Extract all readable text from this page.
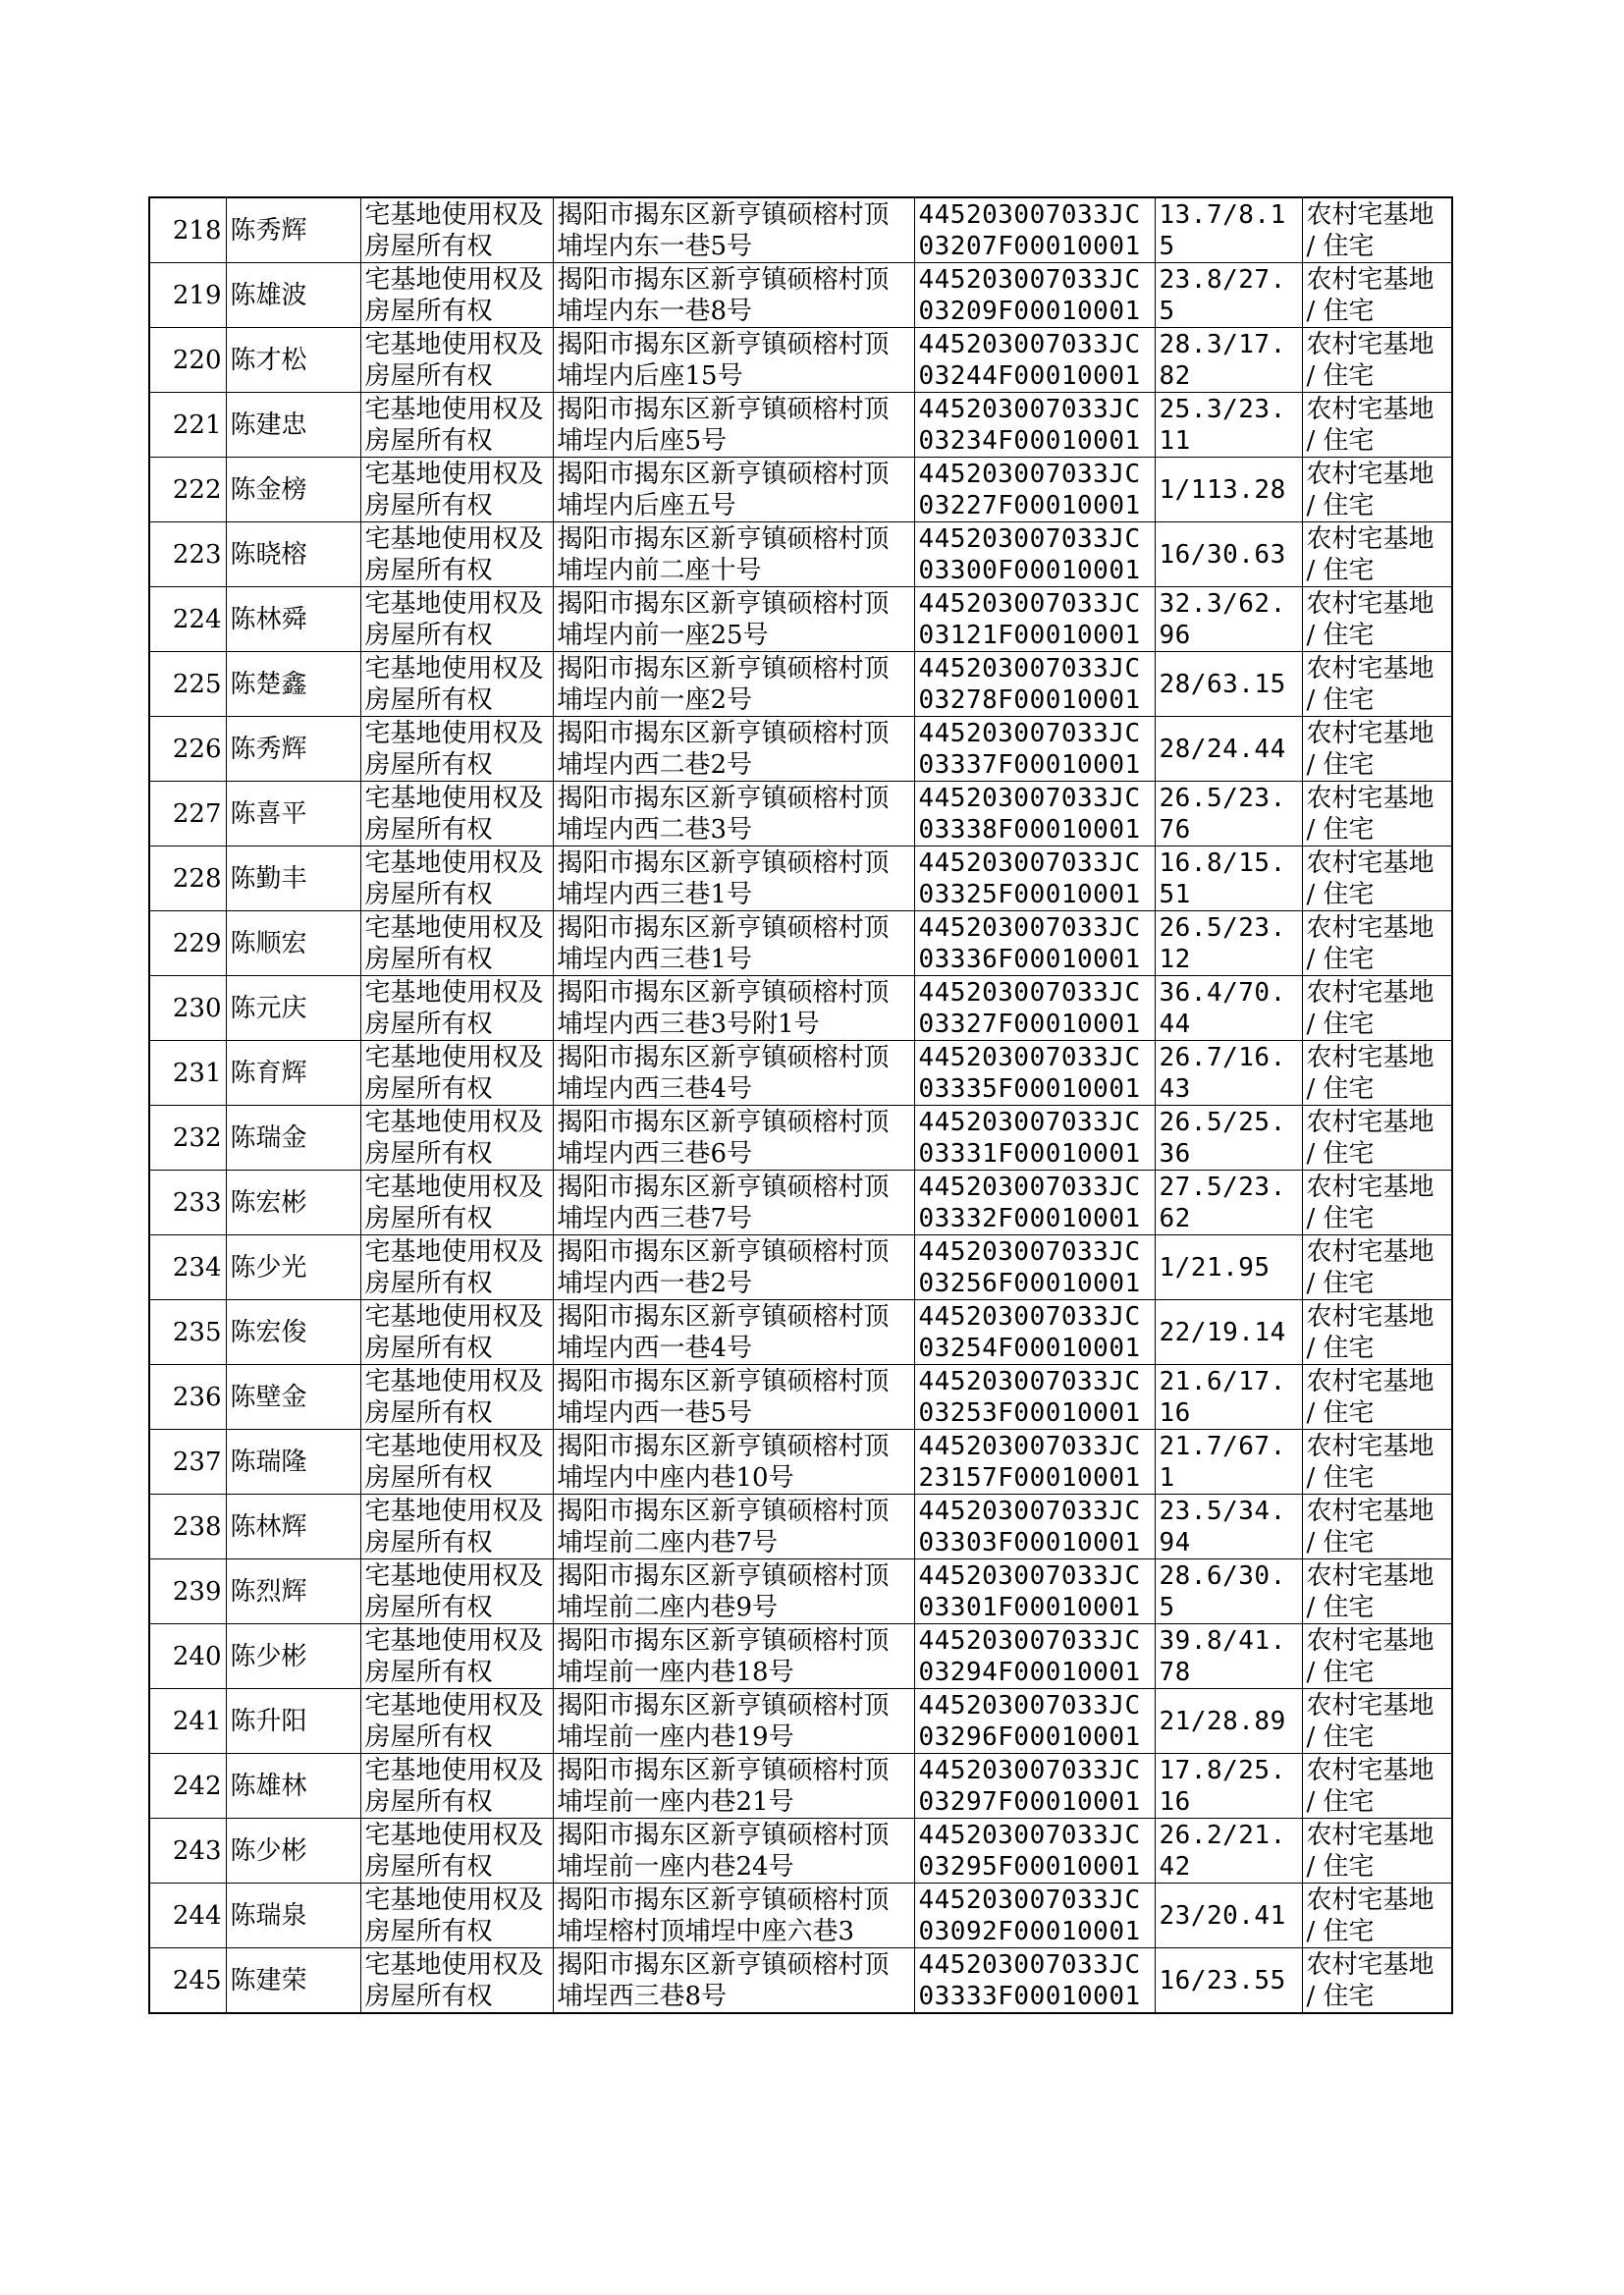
218	陈秀辉	宅基地使用权及房屋所有权	揭阳市揭东区新亨镇硕榕村顶埔埕内东一巷5号	445203007033JC03207F00010001	13.7/8.15	农村宅基地 / 住宅
219	陈雄波	宅基地使用权及房屋所有权	揭阳市揭东区新亨镇硕榕村顶埔埕内东一巷8号	445203007033JC03209F00010001	23.8/27.5	农村宅基地 / 住宅
220	陈才松	宅基地使用权及房屋所有权	揭阳市揭东区新亨镇硕榕村顶埔埕内后座15号	445203007033JC03244F00010001	28.3/17.82	农村宅基地 / 住宅
221	陈建忠	宅基地使用权及房屋所有权	揭阳市揭东区新亨镇硕榕村顶埔埕内后座5号	445203007033JC03234F00010001	25.3/23.11	农村宅基地 / 住宅
222	陈金榜	宅基地使用权及房屋所有权	揭阳市揭东区新亨镇硕榕村顶埔埕内后座五号	445203007033JC03227F00010001	1/113.28	农村宅基地 / 住宅
223	陈晓榕	宅基地使用权及房屋所有权	揭阳市揭东区新亨镇硕榕村顶埔埕内前二座十号	445203007033JC03300F00010001	16/30.63	农村宅基地 / 住宅
224	陈林舜	宅基地使用权及房屋所有权	揭阳市揭东区新亨镇硕榕村顶埔埕内前一座25号	445203007033JC03121F00010001	32.3/62.96	农村宅基地 / 住宅
225	陈楚鑫	宅基地使用权及房屋所有权	揭阳市揭东区新亨镇硕榕村顶埔埕内前一座2号	445203007033JC03278F00010001	28/63.15	农村宅基地 / 住宅
226	陈秀辉	宅基地使用权及房屋所有权	揭阳市揭东区新亨镇硕榕村顶埔埕内西二巷2号	445203007033JC03337F00010001	28/24.44	农村宅基地 / 住宅
227	陈喜平	宅基地使用权及房屋所有权	揭阳市揭东区新亨镇硕榕村顶埔埕内西二巷3号	445203007033JC03338F00010001	26.5/23.76	农村宅基地 / 住宅
228	陈勤丰	宅基地使用权及房屋所有权	揭阳市揭东区新亨镇硕榕村顶埔埕内西三巷1号	445203007033JC03325F00010001	16.8/15.51	农村宅基地 / 住宅
229	陈顺宏	宅基地使用权及房屋所有权	揭阳市揭东区新亨镇硕榕村顶埔埕内西三巷1号	445203007033JC03336F00010001	26.5/23.12	农村宅基地 / 住宅
230	陈元庆	宅基地使用权及房屋所有权	揭阳市揭东区新亨镇硕榕村顶埔埕内西三巷3号附1号	445203007033JC03327F00010001	36.4/70.44	农村宅基地 / 住宅
231	陈育辉	宅基地使用权及房屋所有权	揭阳市揭东区新亨镇硕榕村顶埔埕内西三巷4号	445203007033JC03335F00010001	26.7/16.43	农村宅基地 / 住宅
232	陈瑞金	宅基地使用权及房屋所有权	揭阳市揭东区新亨镇硕榕村顶埔埕内西三巷6号	445203007033JC03331F00010001	26.5/25.36	农村宅基地 / 住宅
233	陈宏彬	宅基地使用权及房屋所有权	揭阳市揭东区新亨镇硕榕村顶埔埕内西三巷7号	445203007033JC03332F00010001	27.5/23.62	农村宅基地 / 住宅
234	陈少光	宅基地使用权及房屋所有权	揭阳市揭东区新亨镇硕榕村顶埔埕内西一巷2号	445203007033JC03256F00010001	1/21.95	农村宅基地 / 住宅
235	陈宏俊	宅基地使用权及房屋所有权	揭阳市揭东区新亨镇硕榕村顶埔埕内西一巷4号	445203007033JC03254F00010001	22/19.14	农村宅基地 / 住宅
236	陈壁金	宅基地使用权及房屋所有权	揭阳市揭东区新亨镇硕榕村顶埔埕内西一巷5号	445203007033JC03253F00010001	21.6/17.16	农村宅基地 / 住宅
237	陈瑞隆	宅基地使用权及房屋所有权	揭阳市揭东区新亨镇硕榕村顶埔埕内中座内巷10号	445203007033JC23157F00010001	21.7/67.1	农村宅基地 / 住宅
238	陈林辉	宅基地使用权及房屋所有权	揭阳市揭东区新亨镇硕榕村顶埔埕前二座内巷7号	445203007033JC03303F00010001	23.5/34.94	农村宅基地 / 住宅
239	陈烈辉	宅基地使用权及房屋所有权	揭阳市揭东区新亨镇硕榕村顶埔埕前二座内巷9号	445203007033JC03301F00010001	28.6/30.5	农村宅基地 / 住宅
240	陈少彬	宅基地使用权及房屋所有权	揭阳市揭东区新亨镇硕榕村顶埔埕前一座内巷18号	445203007033JC03294F00010001	39.8/41.78	农村宅基地 / 住宅
241	陈升阳	宅基地使用权及房屋所有权	揭阳市揭东区新亨镇硕榕村顶埔埕前一座内巷19号	445203007033JC03296F00010001	21/28.89	农村宅基地 / 住宅
242	陈雄林	宅基地使用权及房屋所有权	揭阳市揭东区新亨镇硕榕村顶埔埕前一座内巷21号	445203007033JC03297F00010001	17.8/25.16	农村宅基地 / 住宅
243	陈少彬	宅基地使用权及房屋所有权	揭阳市揭东区新亨镇硕榕村顶埔埕前一座内巷24号	445203007033JC03295F00010001	26.2/21.42	农村宅基地 / 住宅
244	陈瑞泉	宅基地使用权及房屋所有权	揭阳市揭东区新亨镇硕榕村顶埔埕榕村顶埔埕中座六巷3	445203007033JC03092F00010001	23/20.41	农村宅基地 / 住宅
245	陈建荣	宅基地使用权及房屋所有权	揭阳市揭东区新亨镇硕榕村顶埔埕西三巷8号	445203007033JC03333F00010001	16/23.55	农村宅基地 / 住宅
